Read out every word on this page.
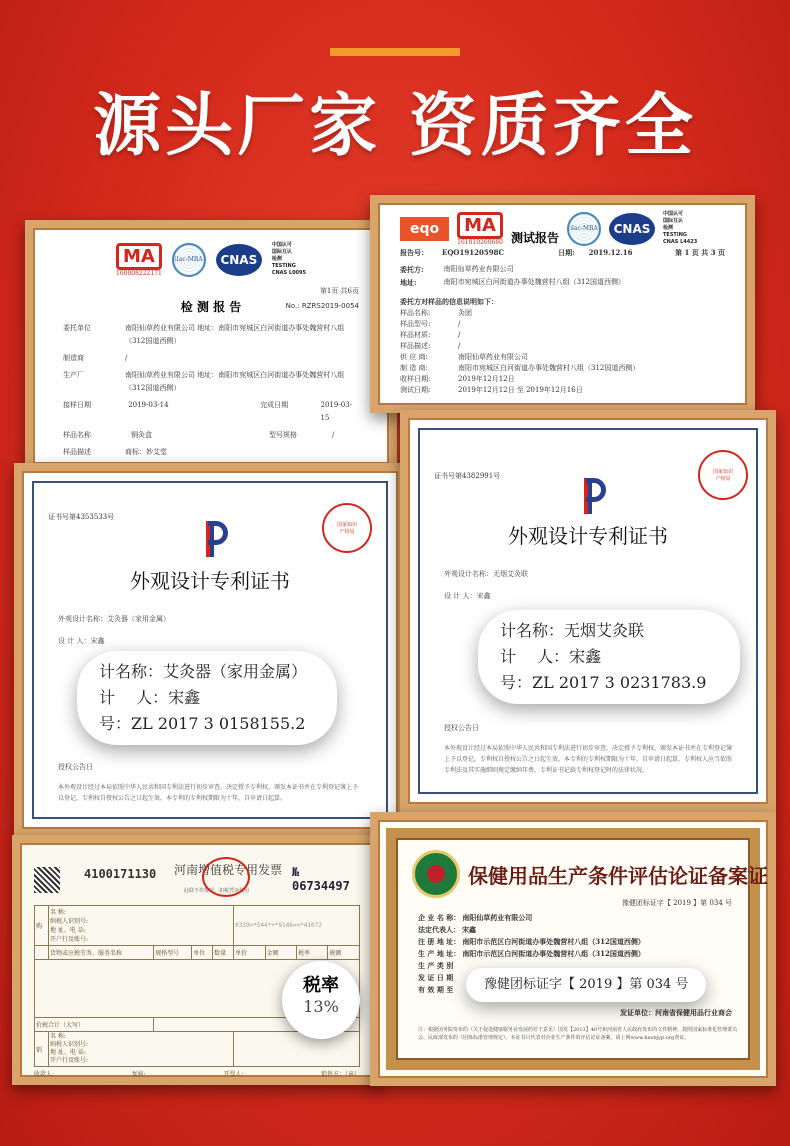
源头厂家 资质齐全
MA
160008222171
ilac-MRA	CNAS
中国认可
国际互认
检测
TESTING
CNAS L0095
第1页 共6页
检 测 报 告	No.: RZRS2019-0054
委托单位	南阳仙草药业有限公司 地址：南阳市宛城区白河街道办事处魏营村八组（312国道西侧）
制造商	/
生产厂	南阳仙草药业有限公司 地址：南阳市宛城区白河街道办事处魏营村八组（312国道西侧）
接样日期	2019-03-14	完成日期	2019-03-15
样品名称	铜灸盒	型号规格	/
样品描述	商标：妙艾堂
eqo	MA
161010260660 测试报告
ilac-MRA	CNAS
中国认可
国际互认
检测
TESTING
CNAS L4423
报告号： EQO19120598C	日期: 2019.12.16	第 1 页 共 3 页
委托方:	南阳仙草药业有限公司
地址:	南阳市宛城区白河街道办事处魏营村八组（312国道西侧）
委托方对样品的信息说明如下：
样品名称:	灸团
样品型号:	/
样品材质:	/
样品描述:	/
供 应 商:	南阳仙草药业有限公司
制 造 商:	南阳市宛城区白河街道办事处魏营村八组（312国道西侧）
收样日期:	2019年12月12日
测试日期:	2019年12月12日 至 2019年12月16日
证书号第4353533号
国家知识
产权局
外观设计专利证书
外观设计名称：艾灸器（家用金属）
设 计 人：宋鑫
授权公告日
本外观设计经过本局依照中华人民共和国专利法进行初步审查，决定授予专利权，颁发本证书并在专利登记簿上予以登记。专利权自授权公告之日起生效。本专利的专利权期限为十年，自申请日起算。
计名称：艾灸器（家用金属）
计　 人：宋鑫
号：ZL 2017 3 0158155.2
证书号第4382991号	国家知识
产权局
外观设计专利证书
外观设计名称：无烟艾灸联
设 计 人：宋鑫
授权公告日
本外观设计经过本局依照中华人民共和国专利法进行初步审查，决定授予专利权，颁发本证书并在专利登记簿上予以登记。专利权自授权公告之日起生效。本专利的专利权期限为十年，自申请日起算，专利权人应当依照专利法及其实施细则规定缴纳年费。专利证书记载专利权登记时的法律状况。
计名称：无烟艾灸联
计　 人：宋鑫
号：ZL 2017 3 0231783.9
4100171130 河南增值税专用发票
此联不作报销、扣税凭证使用
№ 06734497
购	名 称:
纳税人识别号:
地 址、电 话:
开户行及账号:				0329>*544*+*9146<<*41072			
	货物或应税劳务、服务名称	规格型号	单位	数量	单价	金额	税率	税额

价税合计（大写）								
销	名 称:
纳税人识别号:
地 址、电 话:
开户行及账号:							
收款人:	复核:	开票人:	销售方：（章）
税率
13%
保健用品生产条件评估论证备案证
豫健团标证字【 2019 】第 034 号
企 业 名 称： 南阳仙草药业有限公司
法定代表人： 宋鑫
注 册 地 址： 南阳市示范区白河街道办事处魏营村八组（312国道西侧）
生 产 地 址： 南阳市示范区白河街道办事处魏营村八组（312国道西侧）
生 产 类 别
发 证 日 期
有 效 期 至
发证单位：河南省保健用品行业商会
注：根据国务院发布的《关于促进健康服务业发展的若干意见》国发【2013】40号和河南省人民政府发布的文件精神，按照国家标准化管理委员会、民政部发布的《团体标准管理规定》，本证书只代表对企业生产条件的评估论证备案，请上网www.hnsbjyp.org查证。
豫健团标证字【 2019 】第 034 号
